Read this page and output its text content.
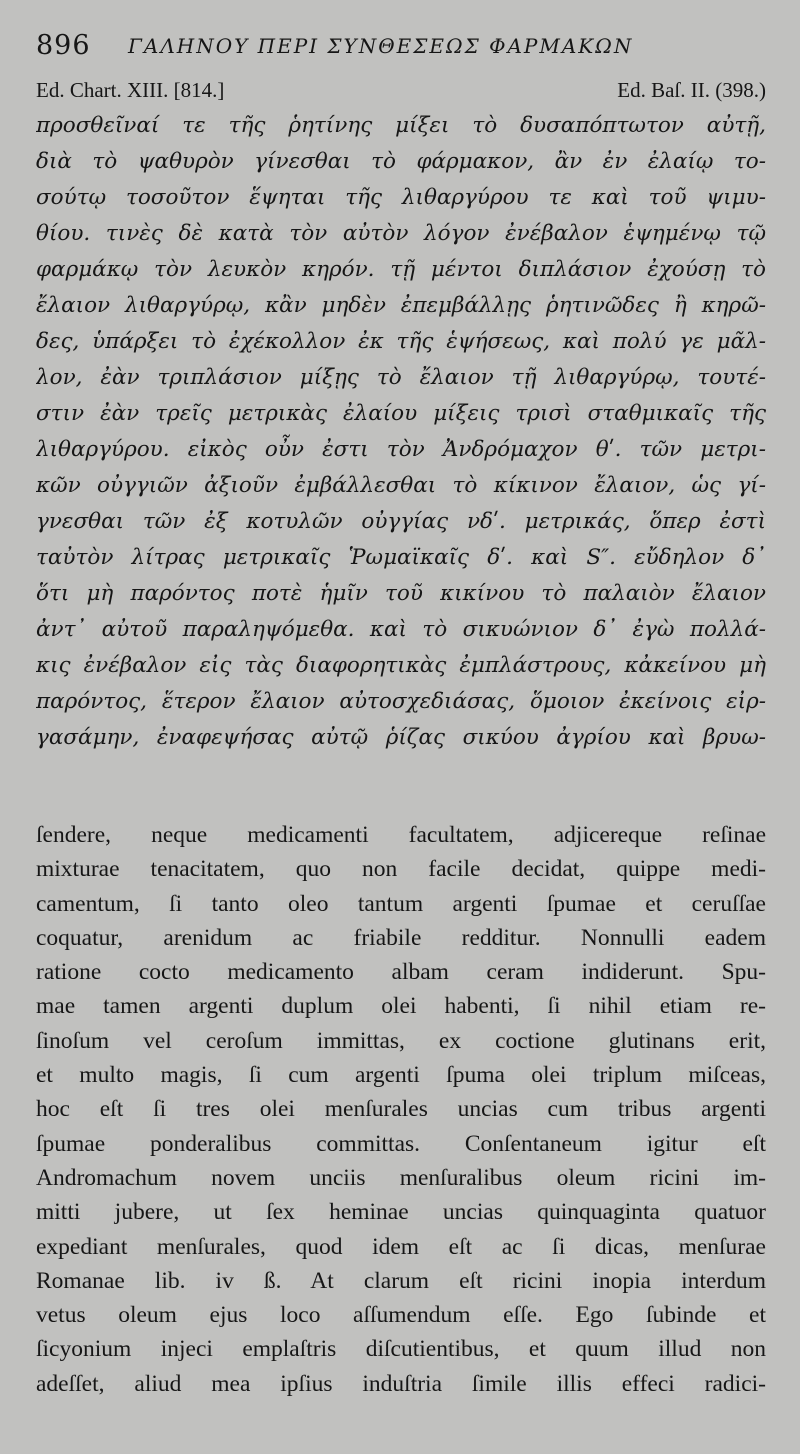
896 ΓΑΛΗΝΟΥ ΠΕΡΙ ΣΥΝΘΕΣΕΩΣ ΦΑΡΜΑΚΩΝ
Ed. Chart. XIII. [814.]	Ed. Baſ. II. (398.)
προσθεῖναί τε τῆς ῥητίνης μίξει τὸ δυσαπόπτωτον αὐτῇ,
διὰ τὸ ψαθυρὸν γίνεσθαι τὸ φάρμακον, ἂν ἐν ἐλαίῳ το-
σούτῳ τοσοῦτον ἕψηται τῆς λιθαργύρου τε καὶ τοῦ ψιμυ-
θίου. τινὲς δὲ κατὰ τὸν αὐτὸν λόγον ἐνέβαλον ἑψημένῳ τῷ
φαρμάκῳ τὸν λευκὸν κηρόν. τῇ μέντοι διπλάσιον ἐχούσῃ τὸ
ἔλαιον λιθαργύρῳ, κἂν μηδὲν ἐπεμβάλλῃς ῥητινῶδες ἢ κηρῶ-
δες, ὑπάρξει τὸ ἐχέκολλον ἐκ τῆς ἑψήσεως, καὶ πολύ γε μᾶλ-
λον, ἐὰν τριπλάσιον μίξῃς τὸ ἔλαιον τῇ λιθαργύρῳ, τουτέ-
στιν ἐὰν τρεῖς μετρικὰς ἐλαίου μίξεις τρισὶ σταθμικαῖς τῆς
λιθαργύρου. εἰκὸς οὖν ἐστι τὸν Ἀνδρόμαχον θʹ. τῶν μετρι-
κῶν οὐγγιῶν ἀξιοῦν ἐμβάλλεσθαι τὸ κίκινον ἔλαιον, ὡς γί-
γνεσθαι τῶν ἐξ κοτυλῶν οὐγγίας νδʹ. μετρικάς, ὅπερ ἐστὶ
ταὐτὸν λίτρας μετρικαῖς Ῥωμαϊκαῖς δʹ. καὶ S″. εὔδηλον δ᾽
ὅτι μὴ παρόντος ποτὲ ἡμῖν τοῦ κικίνου τὸ παλαιὸν ἔλαιον
ἀντ᾽ αὐτοῦ παραληψόμεθα. καὶ τὸ σικυώνιον δ᾽ ἐγὼ πολλά-
κις ἐνέβαλον εἰς τὰς διαφορητικὰς ἐμπλάστρους, κἀκείνου μὴ
παρόντος, ἕτερον ἔλαιον αὐτοσχεδιάσας, ὅμοιον ἐκείνοις εἰρ-
γασάμην, ἐναφεψήσας αὐτῷ ῥίζας σικύου ἀγρίου καὶ βρυω-
ſendere, neque medicamenti facultatem, adjicereque reſinae
mixturae tenacitatem, quo non facile decidat, quippe medi-
camentum, ſi tanto oleo tantum argenti ſpumae et ceruſſae
coquatur, arenidum ac friabile redditur. Nonnulli eadem
ratione cocto medicamento albam ceram indiderunt. Spu-
mae tamen argenti duplum olei habenti, ſi nihil etiam re-
ſinoſum vel ceroſum immittas, ex coctione glutinans erit,
et multo magis, ſi cum argenti ſpuma olei triplum miſceas,
hoc eſt ſi tres olei menſurales uncias cum tribus argenti
ſpumae ponderalibus committas. Conſentaneum igitur eſt
Andromachum novem unciis menſuralibus oleum ricini im-
mitti jubere, ut ſex heminae uncias quinquaginta quatuor
expediant menſurales, quod idem eſt ac ſi dicas, menſurae
Romanae lib. iv ß. At clarum eſt ricini inopia interdum
vetus oleum ejus loco aſſumendum eſſe. Ego ſubinde et
ſicyonium injeci emplaſtris diſcutientibus, et quum illud non
adeſſet, aliud mea ipſius induſtria ſimile illis effeci radici-
